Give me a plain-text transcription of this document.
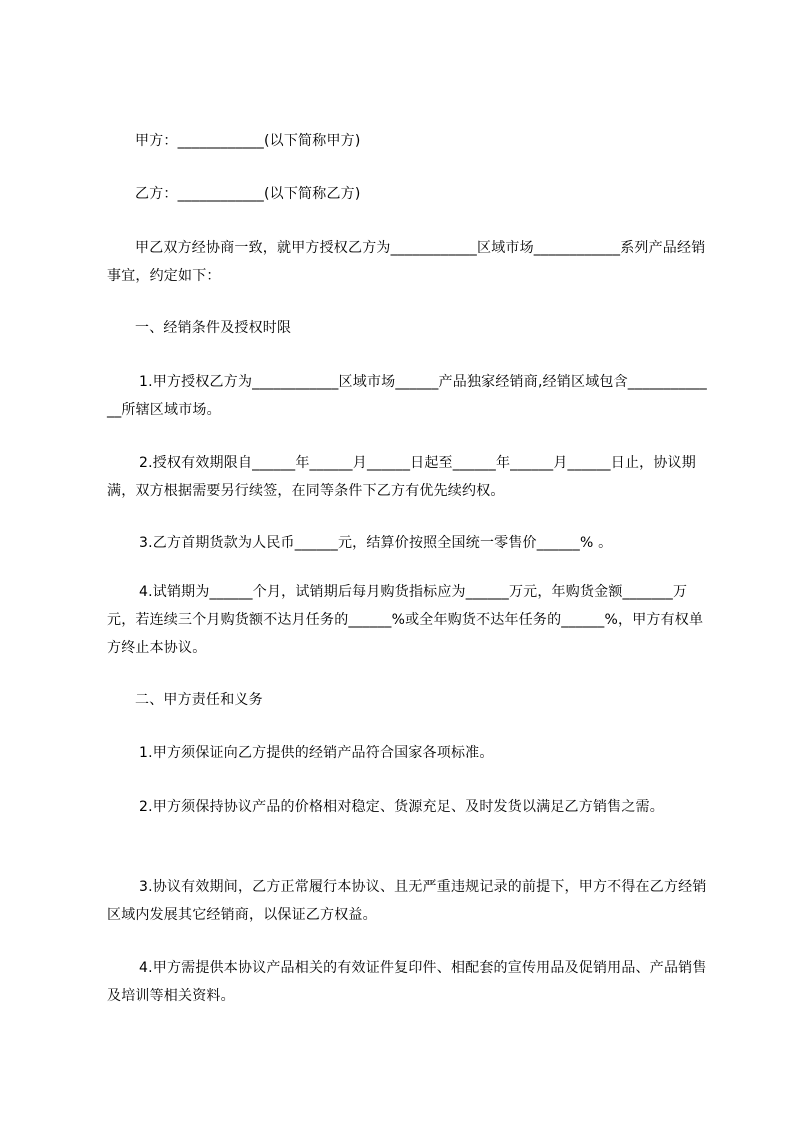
甲方：____________(以下简称甲方)
乙方：____________(以下简称乙方)
甲乙双方经协商一致，就甲方授权乙方为____________区域市场____________系列产品经销事宜，约定如下：
一、经销条件及授权时限
1.甲方授权乙方为____________区域市场______产品独家经销商,经销区域包含_____________所辖区域市场。
2.授权有效期限自______年______月______日起至______年______月______日止，协议期满，双方根据需要另行续签，在同等条件下乙方有优先续约权。
3.乙方首期货款为人民币______元，结算价按照全国统一零售价______% 。
4.试销期为______个月，试销期后每月购货指标应为______万元，年购货金额_______万元，若连续三个月购货额不达月任务的______%或全年购货不达年任务的______%，甲方有权单方终止本协议。
二、甲方责任和义务
1.甲方须保证向乙方提供的经销产品符合国家各项标准。
2.甲方须保持协议产品的价格相对稳定、货源充足、及时发货以满足乙方销售之需。
3.协议有效期间，乙方正常履行本协议、且无严重违规记录的前提下，甲方不得在乙方经销区域内发展其它经销商，以保证乙方权益。
4.甲方需提供本协议产品相关的有效证件复印件、相配套的宣传用品及促销用品、产品销售及培训等相关资料。
